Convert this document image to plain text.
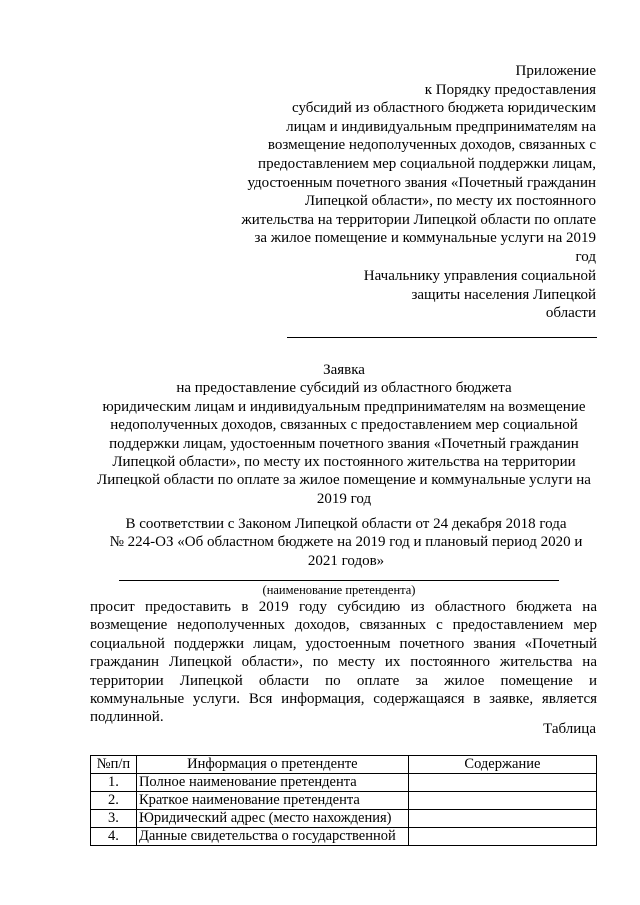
Приложение
к Порядку предоставления
субсидий из областного бюджета юридическим
лицам и индивидуальным предпринимателям на
возмещение недополученных доходов, связанных с
предоставлением мер социальной поддержки лицам,
удостоенным почетного звания «Почетный гражданин
Липецкой области», по месту их постоянного
жительства на территории Липецкой области по оплате
за жилое помещение и коммунальные услуги на 2019
год
Начальнику управления социальной
защиты населения Липецкой
области
Заявка
на предоставление субсидий из областного бюджета
юридическим лицам и индивидуальным предпринимателям на возмещение
недополученных доходов, связанных с предоставлением мер социальной
поддержки лицам, удостоенным почетного звания «Почетный гражданин
Липецкой области», по месту их постоянного жительства на территории
Липецкой области по оплате за жилое помещение и коммунальные услуги на
2019 год
В соответствии с Законом Липецкой области от 24 декабря 2018 года
№ 224-ОЗ «Об областном бюджете на 2019 год и плановый период 2020 и
2021 годов»
(наименование претендента)
просит предоставить в 2019 году субсидию из областного бюджета на
возмещение недополученных доходов, связанных с предоставлением мер
социальной поддержки лицам, удостоенным почетного звания «Почетный
гражданин Липецкой области», по месту их постоянного жительства на
территории Липецкой области по оплате за жилое помещение и
коммунальные услуги. Вся информация, содержащаяся в заявке, является
подлинной.
Таблица
№п/п	Информация о претенденте	Содержание
1.	Полное наименование претендента	
2.	Краткое наименование претендента	
3.	Юридический адрес (место нахождения)	
4.	Данные свидетельства о государственной	
